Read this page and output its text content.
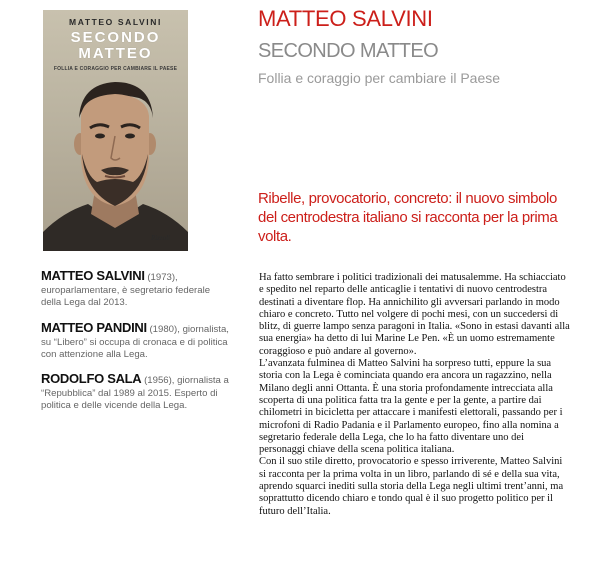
MATTEO SALVINI
SECONDO
MATTEO
FOLLIA E CORAGGIO PER CAMBIARE IL PAESE
Rizzoli
MATTEO SALVINI
SECONDO MATTEO
Follia e coraggio per cambiare il Paese
Ribelle, provocatorio, concreto: il nuovo simbolo del centrodestra italiano si racconta per la prima volta.
MATTEO SALVINI (1973),
europarlamentare, è segretario federale della Lega dal 2013.
MATTEO PANDINI (1980), giornalista,
su “Libero” si occupa di cronaca e di politica con attenzione alla Lega.
RODOLFO SALA (1956), giornalista a
“Repubblica” dal 1989 al 2015. Esperto di politica e delle vicende della Lega.

Ha fatto sembrare i politici tradizionali dei matusalemme. Ha schiacciato e spedito nel reparto delle anticaglie i tentativi di nuovo centrodestra destinati a diventare flop. Ha annichilito gli avversari parlando in modo chiaro e concreto. Tutto nel volgere di pochi mesi, con un succedersi di blitz, di guerre lampo senza paragoni in Italia. «Sono in estasi davanti alla sua energia» ha detto di lui Marine Le Pen. «È un uomo estremamente coraggioso e può andare al governo».

L’avanzata fulminea di Matteo Salvini ha sorpreso tutti, eppure la sua storia con la Lega è cominciata quando era ancora un ragazzino, nella Milano degli anni Ottanta. È una storia profondamente intrecciata alla scoperta di una politica fatta tra la gente e per la gente, a partire dai chilometri in bicicletta per attaccare i manifesti elettorali, passando per i microfoni di Radio Padania e il Parlamento europeo, fino alla nomina a segretario federale della Lega, che lo ha fatto diventare uno dei personaggi chiave della scena politica italiana.

Con il suo stile diretto, provocatorio e spesso irriverente, Matteo Salvini si racconta per la prima volta in un libro, parlando di sé e della sua vita, aprendo squarci inediti sulla storia della Lega negli ultimi trent’anni, ma soprattutto dicendo chiaro e tondo qual è il suo progetto politico per il futuro dell’Italia.
